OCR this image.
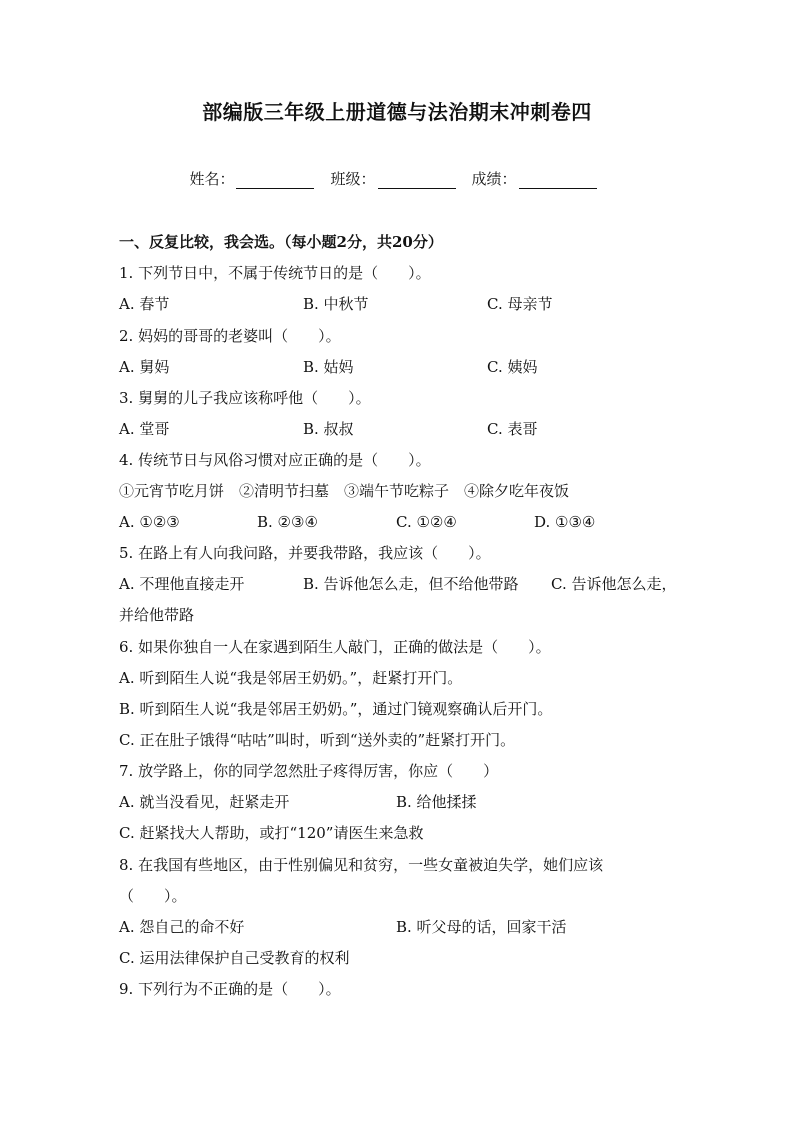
部编版三年级上册道德与法治期末冲刺卷四
姓名：	班级：	成绩：
一、反复比较，我会选。（每小题2分，共20分）
1. 下列节日中，不属于传统节日的是（　　）。
A. 春节	B. 中秋节	C. 母亲节
2. 妈妈的哥哥的老婆叫（　　）。
A. 舅妈	B. 姑妈	C. 姨妈
3. 舅舅的儿子我应该称呼他（　　）。
A. 堂哥	B. 叔叔	C. 表哥
4. 传统节日与风俗习惯对应正确的是（　　）。
①元宵节吃月饼　②清明节扫墓　③端午节吃粽子　④除夕吃年夜饭
A. ①②③	B. ②③④	C. ①②④	D. ①③④
5. 在路上有人向我问路，并要我带路，我应该（　　）。
A. 不理他直接走开	B. 告诉他怎么走，但不给他带路 C. 告诉他怎么走，
并给他带路
6. 如果你独自一人在家遇到陌生人敲门，正确的做法是（　　）。
A. 听到陌生人说“我是邻居王奶奶。”，赶紧打开门。
B. 听到陌生人说“我是邻居王奶奶。”，通过门镜观察确认后开门。
C. 正在肚子饿得“咕咕”叫时，听到“送外卖的”赶紧打开门。
7. 放学路上，你的同学忽然肚子疼得厉害，你应（　　）
A. 就当没看见，赶紧走开	B. 给他揉揉
C. 赶紧找大人帮助，或打“120”请医生来急救
8. 在我国有些地区，由于性别偏见和贫穷，一些女童被迫失学，她们应该
（　　）。
A. 怨自己的命不好	B. 听父母的话，回家干活
C. 运用法律保护自己受教育的权利
9. 下列行为不正确的是（　　）。
